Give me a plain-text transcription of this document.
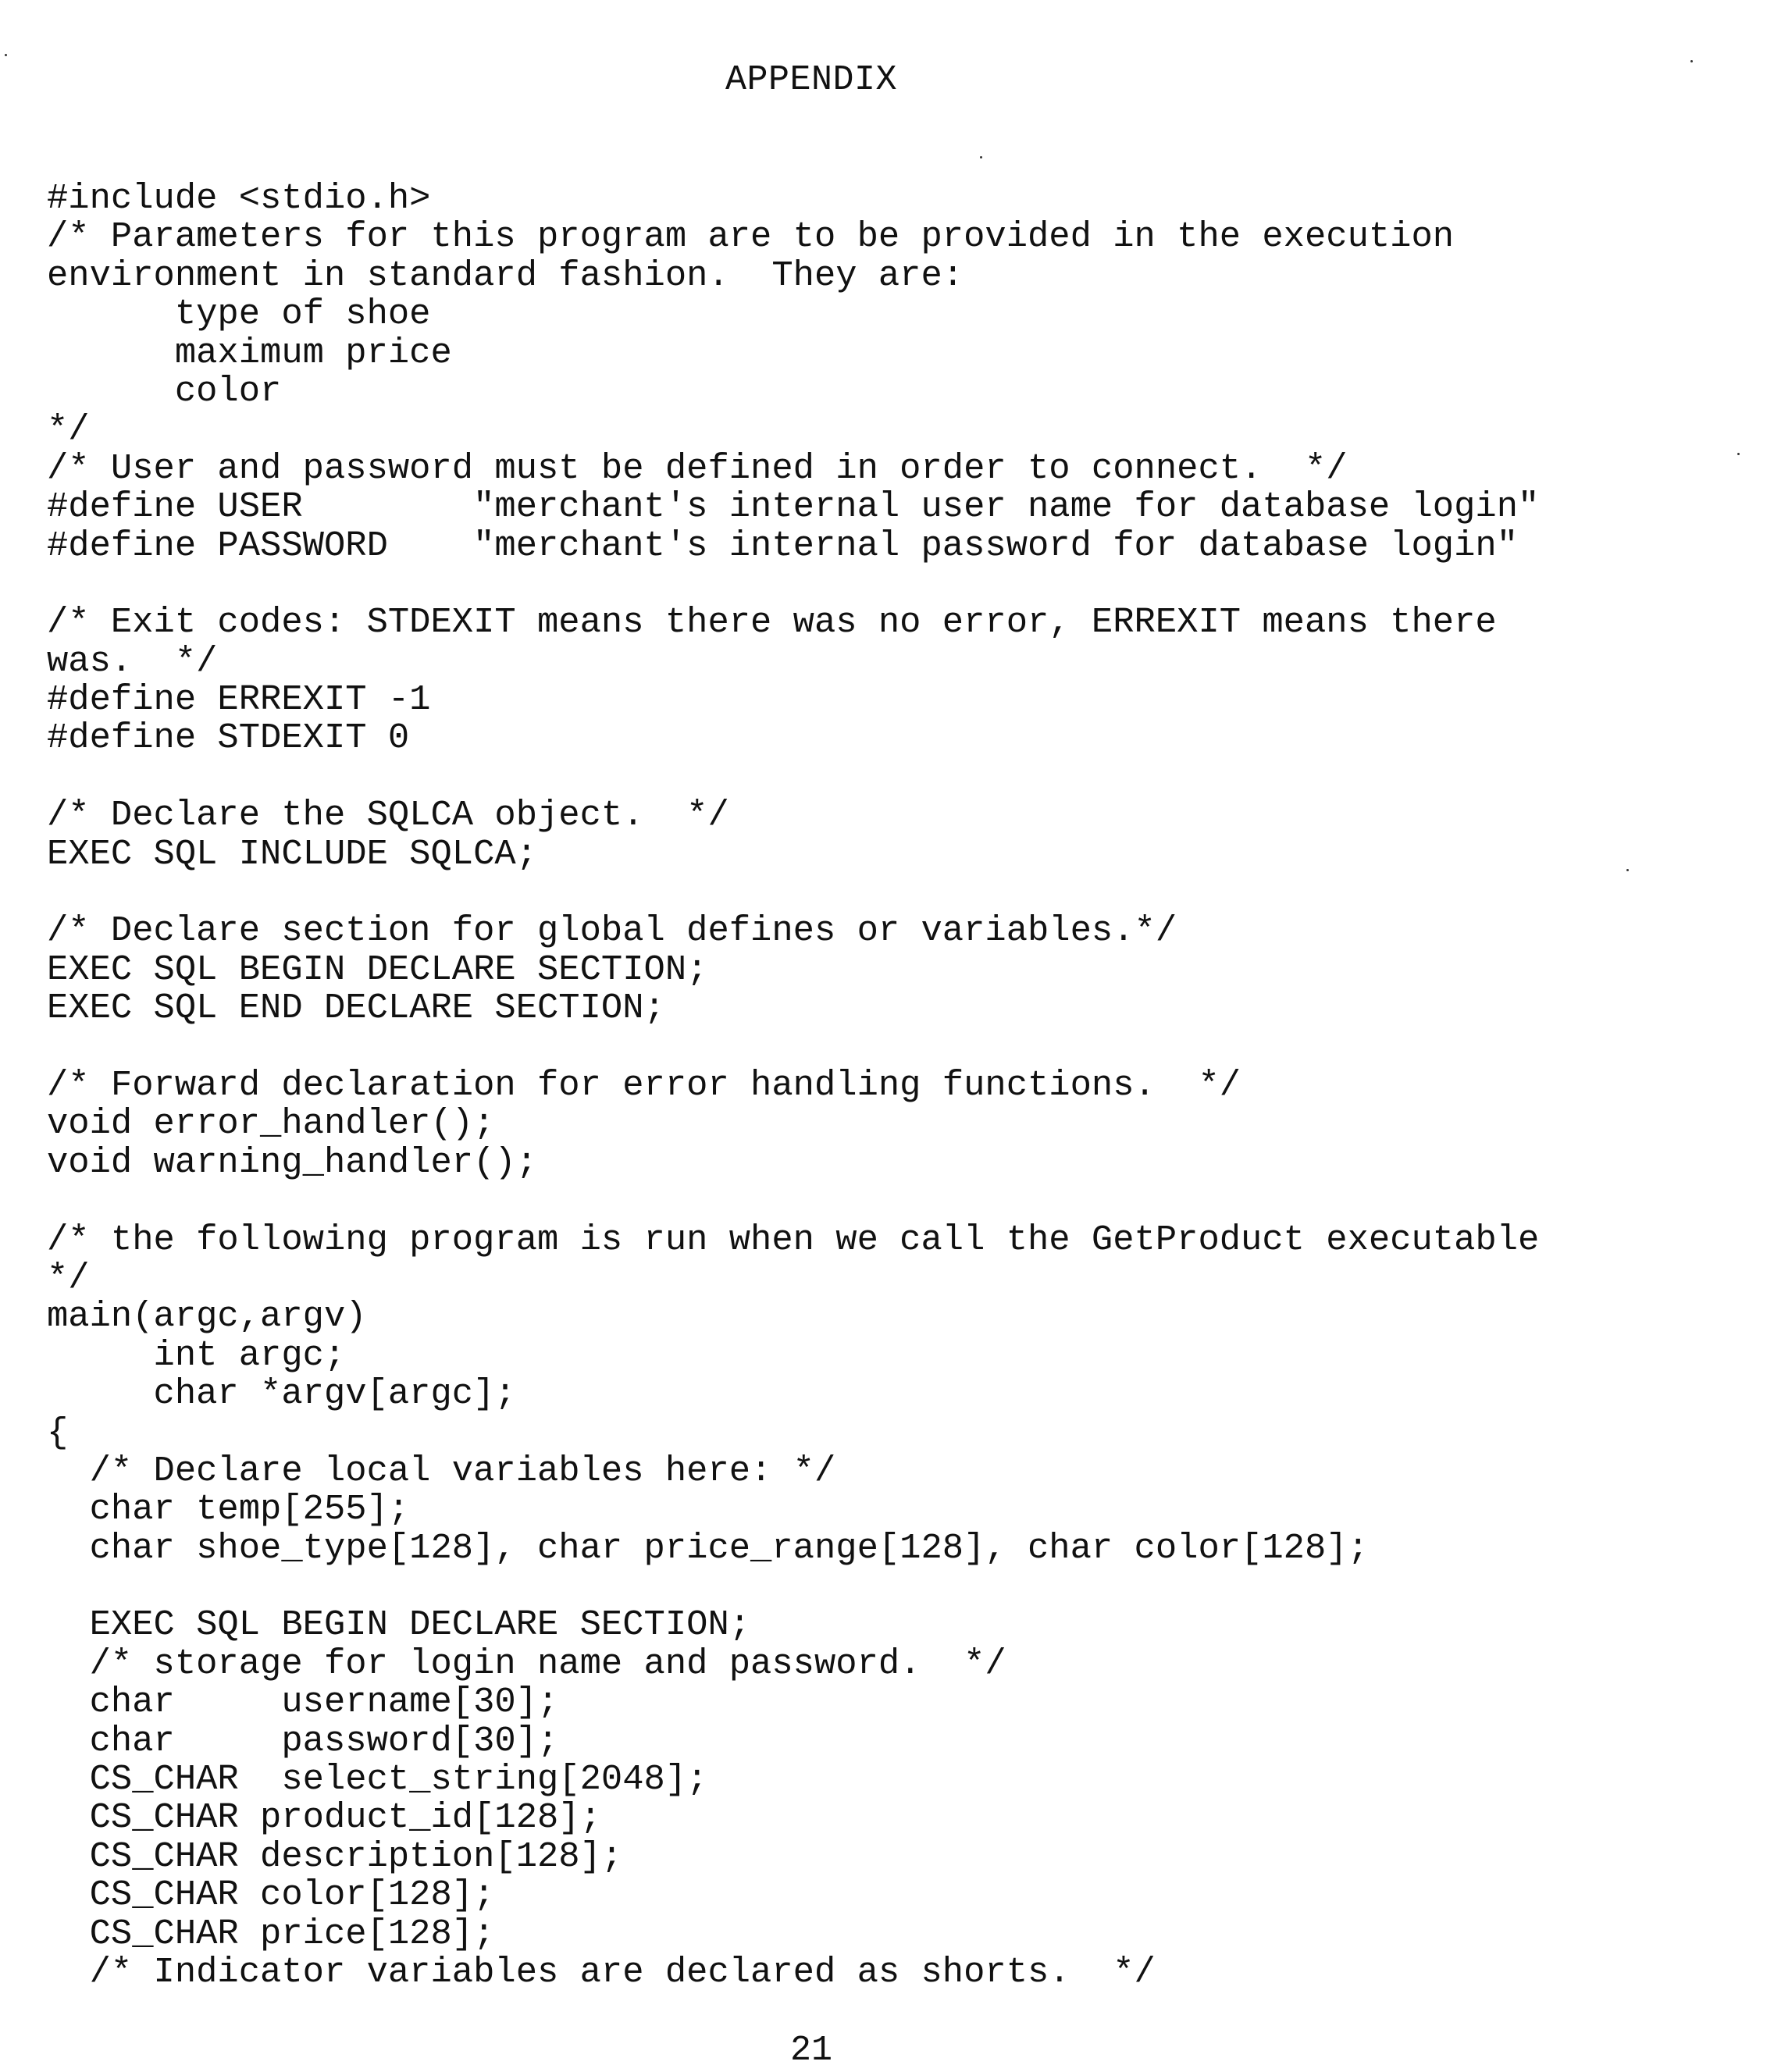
APPENDIX
#include <stdio.h>
/* Parameters for this program are to be provided in the execution
environment in standard fashion.  They are:
type of shoe
maximum price
color
*/
/* User and password must be defined in order to connect.  */
#define USER        "merchant's internal user name for database login"
#define PASSWORD    "merchant's internal password for database login"
/* Exit codes: STDEXIT means there was no error, ERREXIT means there
was.  */
#define ERREXIT -1
#define STDEXIT 0
/* Declare the SQLCA object.  */
EXEC SQL INCLUDE SQLCA;
/* Declare section for global defines or variables.*/
EXEC SQL BEGIN DECLARE SECTION;
EXEC SQL END DECLARE SECTION;
/* Forward declaration for error handling functions.  */
void error_handler();
void warning_handler();
/* the following program is run when we call the GetProduct executable
*/
main(argc,argv)
int argc;
char *argv[argc];
{
/* Declare local variables here: */
char temp[255];
char shoe_type[128], char price_range[128], char color[128];
EXEC SQL BEGIN DECLARE SECTION;
/* storage for login name and password.  */
char     username[30];
char     password[30];
CS_CHAR  select_string[2048];
CS_CHAR product_id[128];
CS_CHAR description[128];
CS_CHAR color[128];
CS_CHAR price[128];
/* Indicator variables are declared as shorts.  */
21
